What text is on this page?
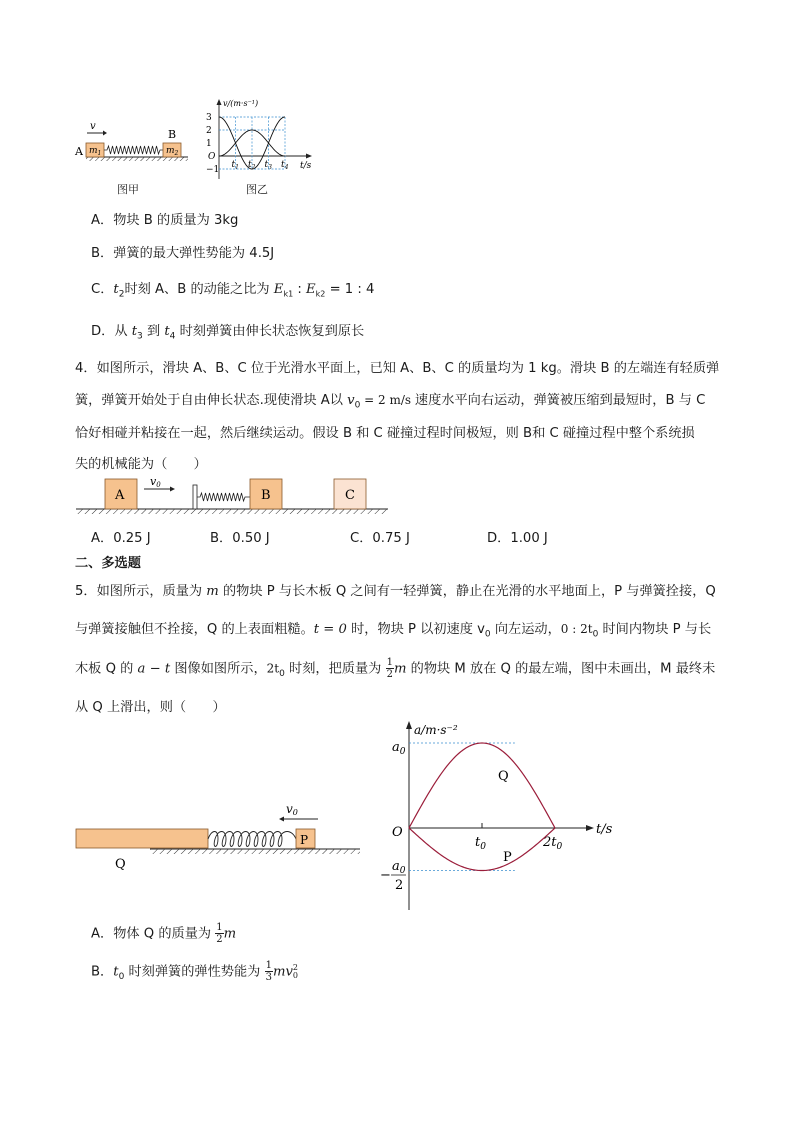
v
A $m_1$
B
$m_2$
图甲
v/(m·s⁻¹)
t/s
O
3
2
1
−1 $t_1$ $t_2$ $t_3$ $t_4$
图乙
A．物块 B 的质量为 3kg
B．弹簧的最大弹性势能为 4.5J
C．$t_2$时刻 A、B 的动能之比为 $E_{k1}$ : $E_{k2} = 1$ : 4
D．从 $t_3$ 到 $t_4$ 时刻弹簧由伸长状态恢复到原长
4．如图所示，滑块 A、B、C 位于光滑水平面上，已知 A、B、C 的质量均为 1 kg。滑块 B 的左端连有轻质弹
簧，弹簧开始处于自由伸长状态.现使滑块 A以 $v_0 = 2$ m/s 速度水平向右运动，弹簧被压缩到最短时，B 与 C
恰好相碰并粘接在一起，然后继续运动。假设 B 和 C 碰撞过程时间极短，则 B和 C 碰撞过程中整个系统损
失的机械能为（　　）
A
v0
B	C
A．0.25 J	B．0.50 J	C．0.75 J	D．1.00 J
二、多选题
5．如图所示，质量为 m 的物块 P 与长木板 Q 之间有一轻弹簧，静止在光滑的水平地面上，P 与弹簧拴接，Q
与弹簧接触但不拴接，Q 的上表面粗糙。t = 0 时，物块 P 以初速度 $v_0$ 向左运动，0 : $2t_0$ 时间内物块 P 与长
木板 Q 的 a − t 图像如图所示，$2t_0$ 时刻，把质量为 $\frac{1}{2}$ m 的物块 M 放在 Q 的最左端，图中未画出，M 最终未
从 Q 上滑出，则（　　）
Q
P
v0
a/m·s⁻²
t/s
O
$a_0$
−
$a_0$
2
$t_0$	$2t_0$
Q
P
A．物体 Q 的质量为 $\frac{1}{2}$ m
B．$t_0$ 时刻弹簧的弹性势能为 $\frac{1}{3}$ mv 2
0
